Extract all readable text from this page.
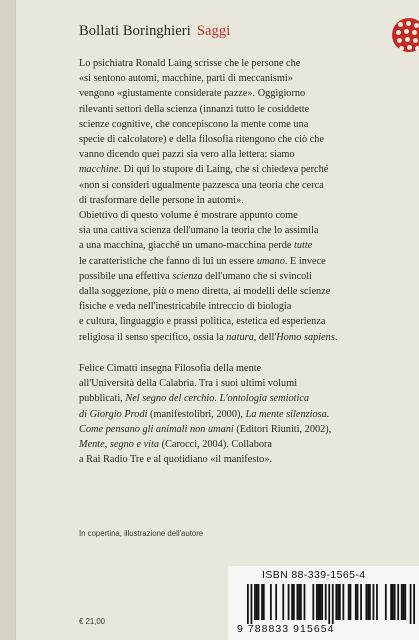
Bollati Boringhieri Saggi
Lo psichiatra Ronald Laing scrisse che le persone che
«si sentono automi, macchine, parti di meccanismi»
vengono «giustamente considerate pazze». Oggigiorno
rilevanti settori della scienza (innanzi tutto le cosiddette
scienze cognitive, che concepiscono la mente come una
specie di calcolatore) e della filosofia ritengono che ciò che
vanno dicendo quei pazzi sia vero alla lettera: siamo
macchine. Di qui lo stupore di Laing, che si chiedeva perché
«non si consideri ugualmente pazzesca una teoria che cerca
di trasformare delle persone in automi».
Obiettivo di questo volume è mostrare appunto come
sia una cattiva scienza dell'umano la teoria che lo assimila
a una macchina, giacché un umano-macchina perde tutte
le caratteristiche che fanno di lui un essere umano. E invece
possibile una effettiva scienza dell'umano che si svincoli
dalla soggezione, più o meno diretta, ai modelli delle scienze
fisiche e veda nell'inestricabile intreccio di biologia
e cultura, linguaggio e prassi politica, estetica ed esperienza
religiosa il senso specifico, ossia la natura, dell'Homo sapiens.
Felice Cimatti insegna Filosofia della mente
all'Università della Calabria. Tra i suoi ultimi volumi
pubblicati, Nel segno del cerchio. L'ontologia semiotica
di Giorgio Prodi (manifestolibri, 2000), La mente silenziosa.
Come pensano gli animali non umani (Editori Riuniti, 2002),
Mente, segno e vita (Carocci, 2004). Collabora
a Rai Radio Tre e al quotidiano «il manifesto».
In copertina, illustrazione dell'autore
€ 21,00
ISBN 88-339-1565-4
9 788833 915654
